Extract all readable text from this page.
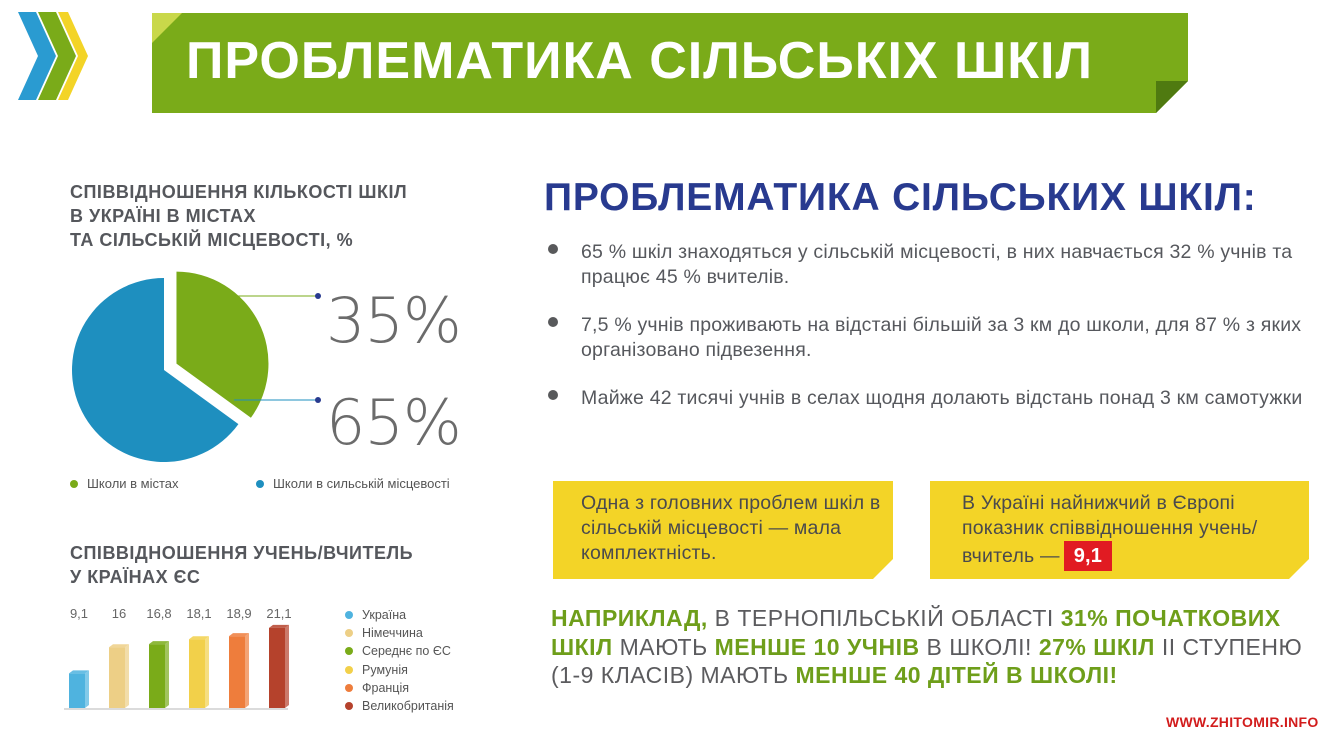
ПРОБЛЕМАТИКА СІЛЬСЬКІХ ШКІЛ
СПІВВІДНОШЕННЯ КІЛЬКОСТІ ШКІЛ
В УКРАЇНІ В МІСТАХ
ТА СІЛЬСЬКІЙ МІСЦЕВОСТІ, %
35%
65%
Школи в містах	Школи в сильській місцевості
СПІВВІДНОШЕННЯ УЧЕНЬ/ВЧИТЕЛЬ
У КРАЇНАХ ЄС
9,1 16 16,8 18,1 18,9 21,1	Україна
Німеччина
Середнє по ЄС
Румунія
Франція
Великобританія
ПРОБЛЕМАТИКА СІЛЬСЬКИХ ШКІЛ:
65 % шкіл знаходяться у сільській місцевості, в них навчається 32 % учнів та працює 45 % вчителів.
7,5 % учнів проживають на відстані більшій за 3 км до школи, для 87 % з яких організовано підвезення.
Майже 42 тисячі учнів в селах щодня долають відстань понад 3 км самотужки
Одна з головних проблем шкіл в сільській місцевості — мала комплектність.
В Україні найнижчий в Європі показник співвідношення учень/вчитель — 9,1
НАПРИКЛАД, В ТЕРНОПІЛЬСЬКІЙ ОБЛАСТІ 31% ПОЧАТКОВИХ ШКІЛ МАЮТЬ МЕНШЕ 10 УЧНІВ В ШКОЛІ! 27% ШКІЛ ІІ СТУПЕНЮ (1-9 КЛАСІВ) МАЮТЬ МЕНШЕ 40 ДІТЕЙ В ШКОЛІ!
WWW.ZHITOMIR.INFO
